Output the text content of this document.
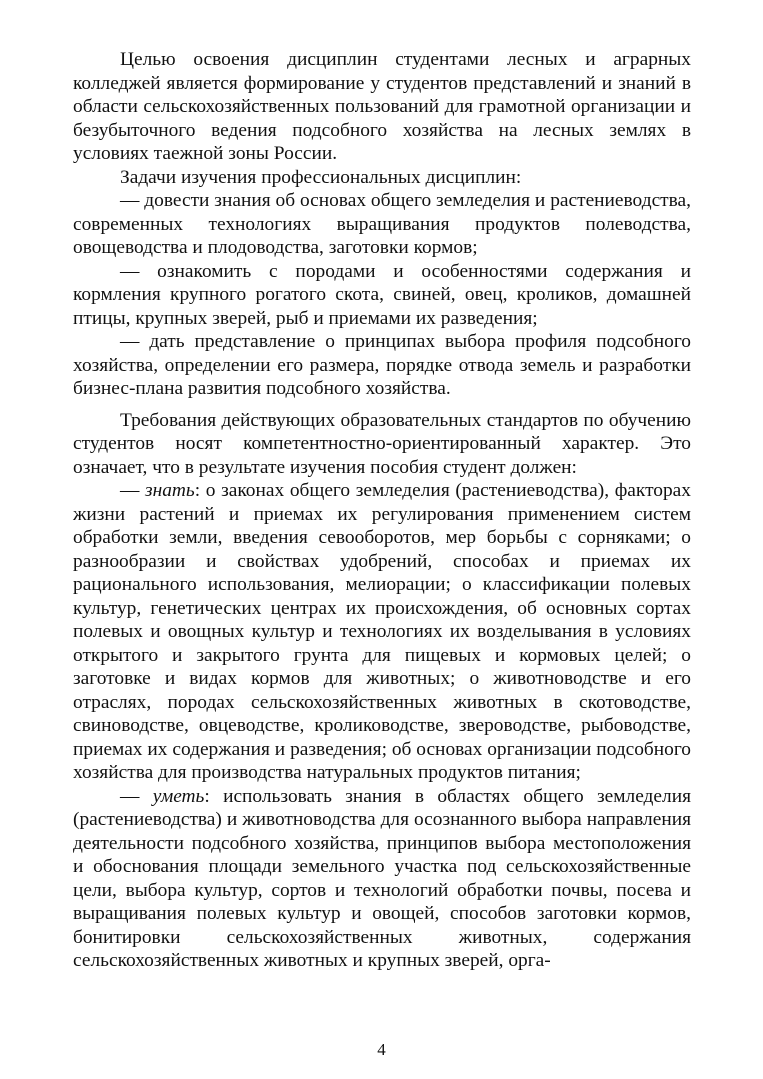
Целью освоения дисциплин студентами лесных и аграрных колледжей является формирование у студентов представлений и знаний в области сельскохозяйственных пользований для грамотной организации и безубыточного ведения подсобного хозяйства на лесных землях в условиях таежной зоны России.

Задачи изучения профессиональных дисциплин:

— довести знания об основах общего земледелия и растениеводства, современных технологиях выращивания продуктов полеводства, овощеводства и плодоводства, заготовки кормов;

— ознакомить с породами и особенностями содержания и кормления крупного рогатого скота, свиней, овец, кроликов, домашней птицы, крупных зверей, рыб и приемами их разведения;

— дать представление о принципах выбора профиля подсобного хозяйства, определении его размера, порядке отвода земель и разработки бизнес-плана развития подсобного хозяйства.

Требования действующих образовательных стандартов по обучению студентов носят компетентностно-ориентированный характер. Это означает, что в результате изучения пособия студент должен:

— знать: о законах общего земледелия (растениеводства), факторах жизни растений и приемах их регулирования применением систем обработки земли, введения севооборотов, мер борьбы с сорняками; о разнообразии и свойствах удобрений, способах и приемах их рационального использования, мелиорации; о классификации полевых культур, генетических центрах их происхождения, об основных сортах полевых и овощных культур и технологиях их возделывания в условиях открытого и закрытого грунта для пищевых и кормовых целей; о заготовке и видах кормов для животных; о животноводстве и его отраслях, породах сельскохозяйственных животных в скотоводстве, свиноводстве, овцеводстве, кролиководстве, звероводстве, рыбоводстве, приемах их содержания и разведения; об основах организации подсобного хозяйства для производства натуральных продуктов питания;

— уметь: использовать знания в областях общего земледелия (растениеводства) и животноводства для осознанного выбора направления деятельности подсобного хозяйства, принципов выбора местоположения и обоснования площади земельного участка под сельскохозяйственные цели, выбора культур, сортов и технологий обработки почвы, посева и выращивания полевых культур и овощей, способов заготовки кормов, бонитировки сельскохозяйственных животных, содержания сельскохозяйственных животных и крупных зверей, орга-

4
